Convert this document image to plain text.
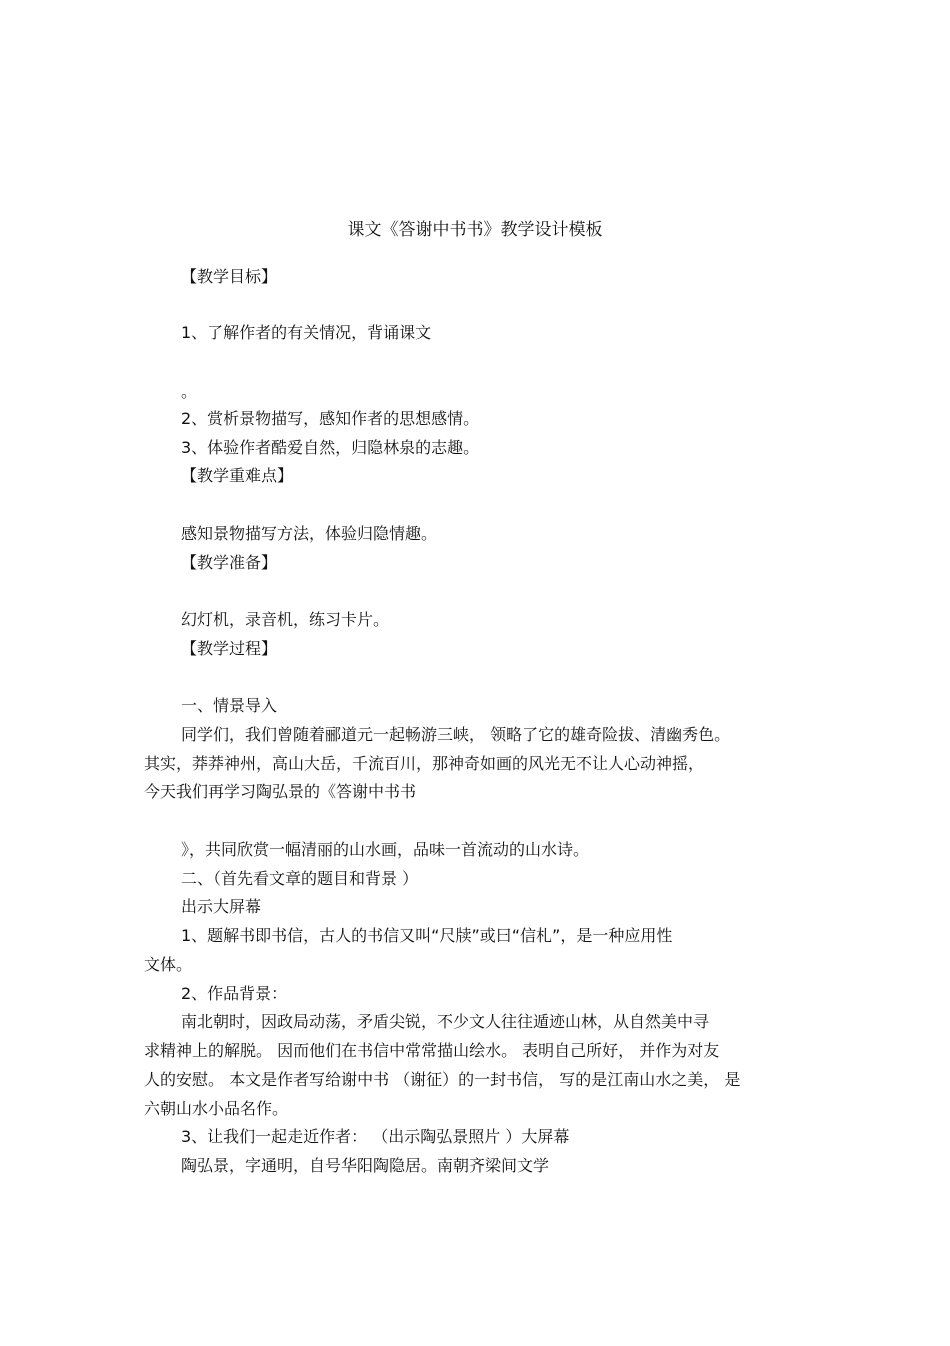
课文《答谢中书书》教学设计模板
【教学目标】
1、了解作者的有关情况，背诵课文
。
2、赏析景物描写，感知作者的思想感情。
3、体验作者酷爱自然，归隐林泉的志趣。
【教学重难点】
感知景物描写方法，体验归隐情趣。
【教学准备】
幻灯机，录音机，练习卡片。
【教学过程】
一、情景导入
同学们，我们曾随着郦道元一起畅游三峡， 领略了它的雄奇险拔、清幽秀色。
其实，莽莽神州，高山大岳，千流百川，那神奇如画的风光无不让人心动神摇，
今天我们再学习陶弘景的《答谢中书书
》，共同欣赏一幅清丽的山水画，品味一首流动的山水诗。
二、（首先看文章的题目和背景 ）
出示大屏幕
1、题解书即书信，古人的书信又叫“尺牍”或曰“信札”，是一种应用性
文体。
2、作品背景：
南北朝时，因政局动荡，矛盾尖锐，不少文人往往遁迹山林，从自然美中寻
求精神上的解脱。 因而他们在书信中常常描山绘水。 表明自己所好， 并作为对友
人的安慰。 本文是作者写给谢中书 （谢征）的一封书信， 写的是江南山水之美， 是
六朝山水小品名作。
3、让我们一起走近作者： （出示陶弘景照片 ）大屏幕
陶弘景，字通明，自号华阳陶隐居。南朝齐梁间文学
